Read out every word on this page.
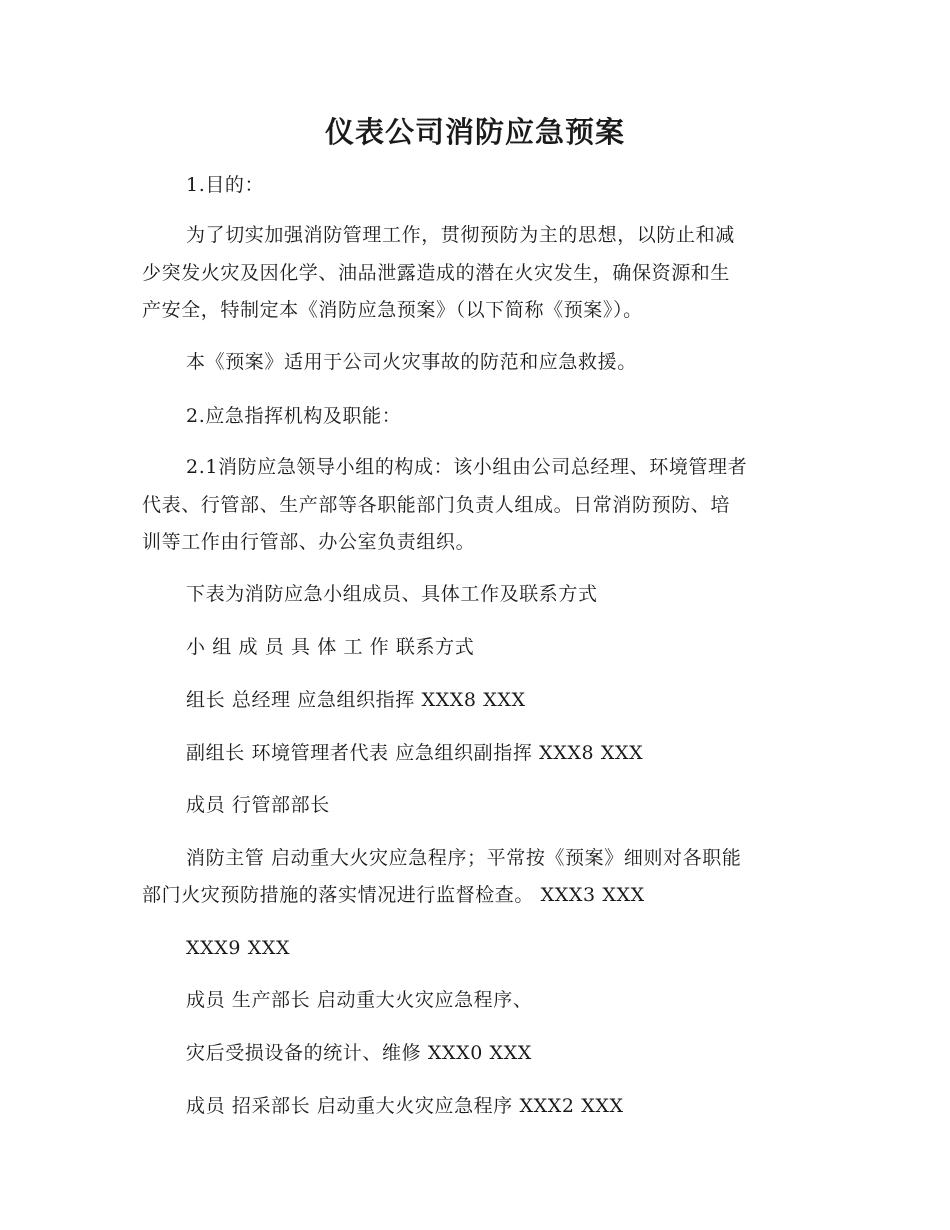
仪表公司消防应急预案
1.目的：
为了切实加强消防管理工作，贯彻预防为主的思想，以防止和减
少突发火灾及因化学、油品泄露造成的潜在火灾发生，确保资源和生
产安全，特制定本《消防应急预案》（以下简称《预案》）。
本《预案》适用于公司火灾事故的防范和应急救援。
2.应急指挥机构及职能：
2.1消防应急领导小组的构成：该小组由公司总经理、环境管理者
代表、行管部、生产部等各职能部门负责人组成。日常消防预防、培
训等工作由行管部、办公室负责组织。
下表为消防应急小组成员、具体工作及联系方式
小 组 成 员 具 体 工 作 联系方式
组长 总经理 应急组织指挥 XXX8 XXX
副组长 环境管理者代表 应急组织副指挥 XXX8 XXX
成员 行管部部长
消防主管 启动重大火灾应急程序；平常按《预案》细则对各职能
部门火灾预防措施的落实情况进行监督检查。 XXX3 XXX
XXX9 XXX
成员 生产部长 启动重大火灾应急程序、
灾后受损设备的统计、维修 XXX0 XXX
成员 招采部长 启动重大火灾应急程序 XXX2 XXX
